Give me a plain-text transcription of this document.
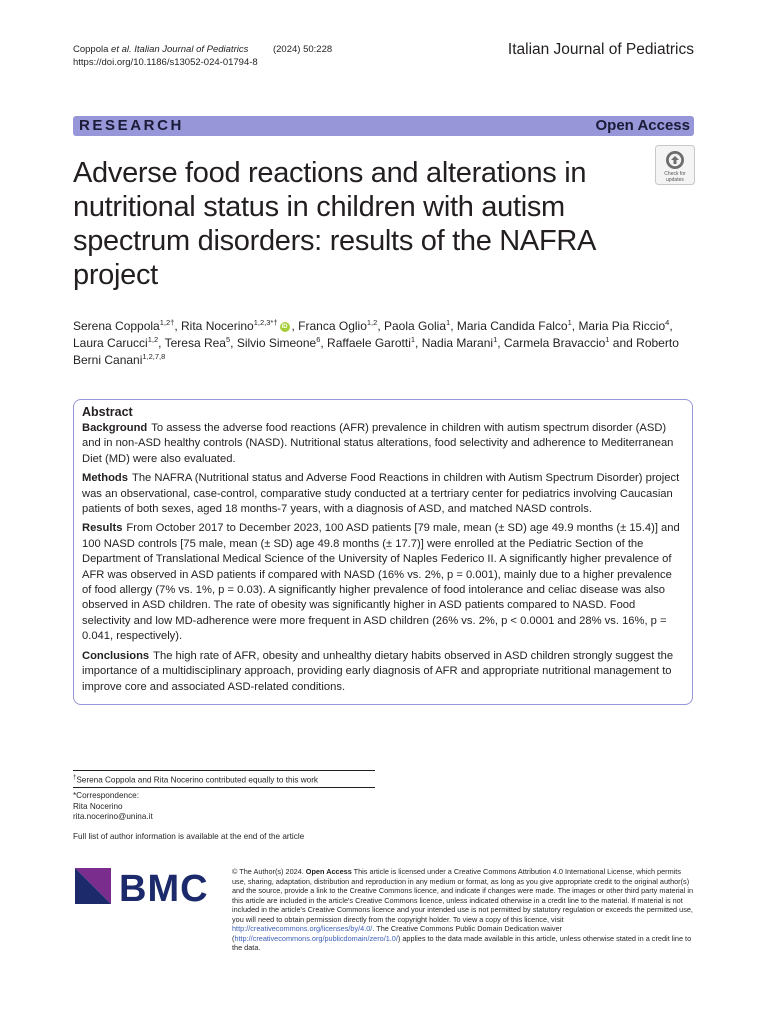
Coppola et al. Italian Journal of Pediatrics	(2024) 50:228
https://doi.org/10.1186/s13052-024-01794-8
Italian Journal of Pediatrics
RESEARCH	Open Access
Adverse food reactions and alterations in nutritional status in children with autism spectrum disorders: results of the NAFRA project
Check for
updates
Serena Coppola$^{1,2\dagger}$, Rita Nocerino$^{1,2,3*\dagger}$ iD , Franca Oglio$^{1,2}$, Paola Golia$^1$, Maria Candida Falco$^1$, Maria Pia Riccio$^4$, Laura Carucci$^{1,2}$, Teresa Rea$^5$, Silvio Simeone$^6$, Raffaele Garotti$^1$, Nadia Marani$^1$, Carmela Bravaccio$^1$ and Roberto Berni Canani$^{1,2,7,8}$
Abstract

Background To assess the adverse food reactions (AFR) prevalence in children with autism spectrum disorder (ASD) and in non-ASD healthy controls (NASD). Nutritional status alterations, food selectivity and adherence to Mediterranean Diet (MD) were also evaluated.

Methods The NAFRA (Nutritional status and Adverse Food Reactions in children with Autism Spectrum Disorder) project was an observational, case-control, comparative study conducted at a tertriary center for pediatrics involving Caucasian patients of both sexes, aged 18 months-7 years, with a diagnosis of ASD, and matched NASD controls.

Results From October 2017 to December 2023, 100 ASD patients [79 male, mean (± SD) age 49.9 months (± 15.4)] and 100 NASD controls [75 male, mean (± SD) age 49.8 months (± 17.7)] were enrolled at the Pediatric Section of the Department of Translational Medical Science of the University of Naples Federico II. A significantly higher prevalence of AFR was observed in ASD patients if compared with NASD (16% vs. 2%, p = 0.001), mainly due to a higher prevalence of food allergy (7% vs. 1%, p = 0.03). A significantly higher prevalence of food intolerance and celiac disease was also observed in ASD children. The rate of obesity was significantly higher in ASD patients compared to NASD. Food selectivity and low MD-adherence were more frequent in ASD children (26% vs. 2%, p < 0.0001 and 28% vs. 16%, p = 0.041, respectively).

Conclusions The high rate of AFR, obesity and unhealthy dietary habits observed in ASD children strongly suggest the importance of a multidisciplinary approach, providing early diagnosis of AFR and appropriate nutritional management to improve core and associated ASD-related conditions.

†Serena Coppola and Rita Nocerino contributed equally to this work
*Correspondence:
Rita Nocerino
rita.nocerino@unina.it
Full list of author information is available at the end of the article
BMC	© The Author(s) 2024. Open Access This article is licensed under a Creative Commons Attribution 4.0 International License, which permits use, sharing, adaptation, distribution and reproduction in any medium or format, as long as you give appropriate credit to the original author(s) and the source, provide a link to the Creative Commons licence, and indicate if changes were made. The images or other third party material in this article are included in the article's Creative Commons licence, unless indicated otherwise in a credit line to the material. If material is not included in the article's Creative Commons licence and your intended use is not permitted by statutory regulation or exceeds the permitted use, you will need to obtain permission directly from the copyright holder. To view a copy of this licence, visit http://creativecommons.org/licenses/by/4.0/. The Creative Commons Public Domain Dedication waiver (http://creativecommons.org/publicdomain/zero/1.0/) applies to the data made available in this article, unless otherwise stated in a credit line to the data.
